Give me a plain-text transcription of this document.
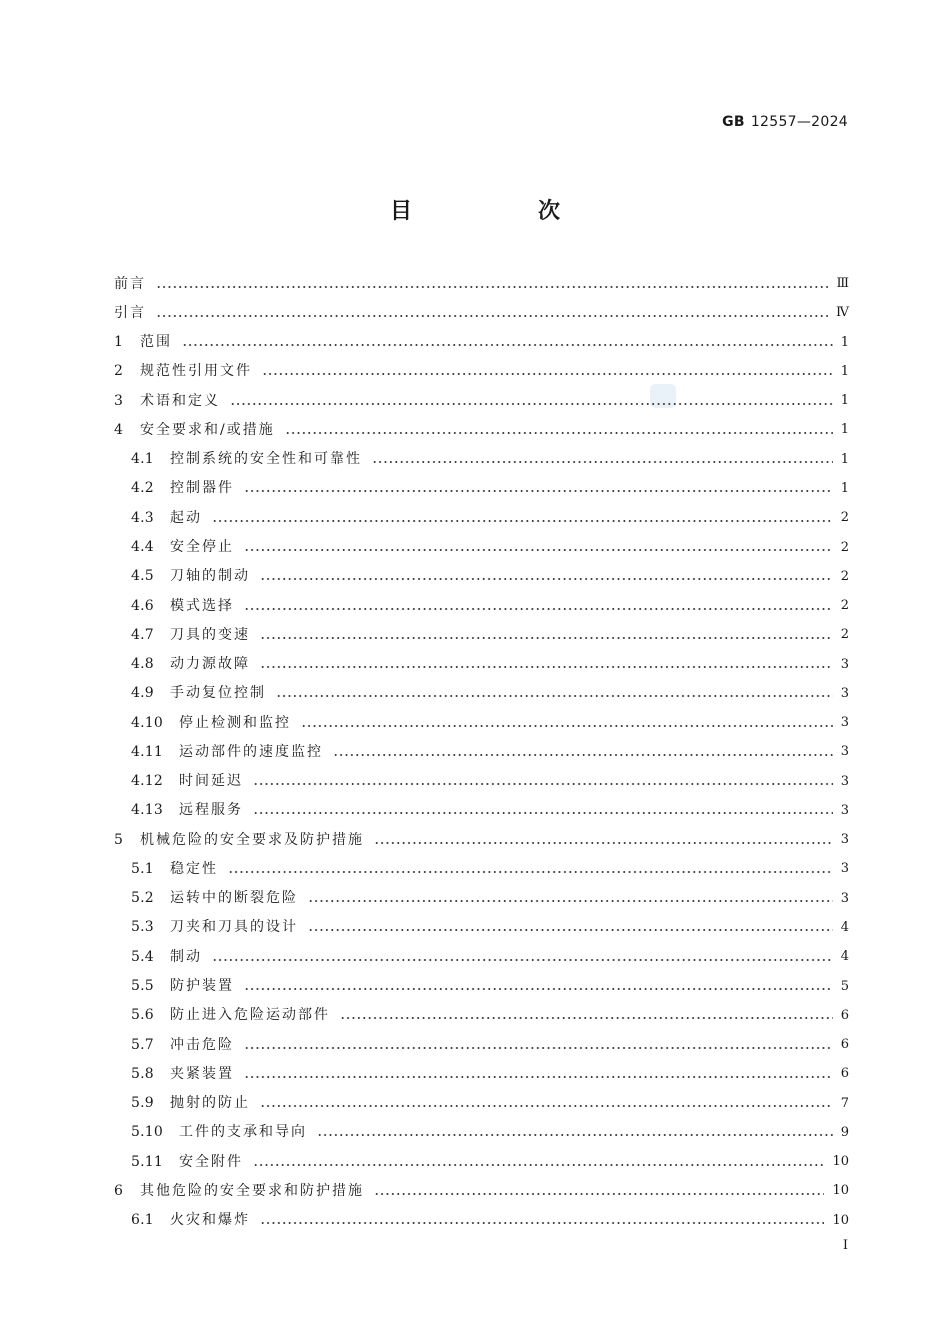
GB 12557—2024
目　次
前言	Ⅲ
引言	Ⅳ
1	范围	1
2	规范性引用文件	1
3	术语和定义	1
4	安全要求和/或措施	1
4.1	控制系统的安全性和可靠性	1
4.2	控制器件	1
4.3	起动	2
4.4	安全停止	2
4.5	刀轴的制动	2
4.6	模式选择	2
4.7	刀具的变速	2
4.8	动力源故障	3
4.9	手动复位控制	3
4.10	停止检测和监控	3
4.11	运动部件的速度监控	3
4.12	时间延迟	3
4.13	远程服务	3
5	机械危险的安全要求及防护措施	3
5.1	稳定性	3
5.2	运转中的断裂危险	3
5.3	刀夹和刀具的设计	4
5.4	制动	4
5.5	防护装置	5
5.6	防止进入危险运动部件	6
5.7	冲击危险	6
5.8	夹紧装置	6
5.9	抛射的防止	7
5.10	工件的支承和导向	9
5.11	安全附件	10
6	其他危险的安全要求和防护措施	10
6.1	火灾和爆炸	10
I
